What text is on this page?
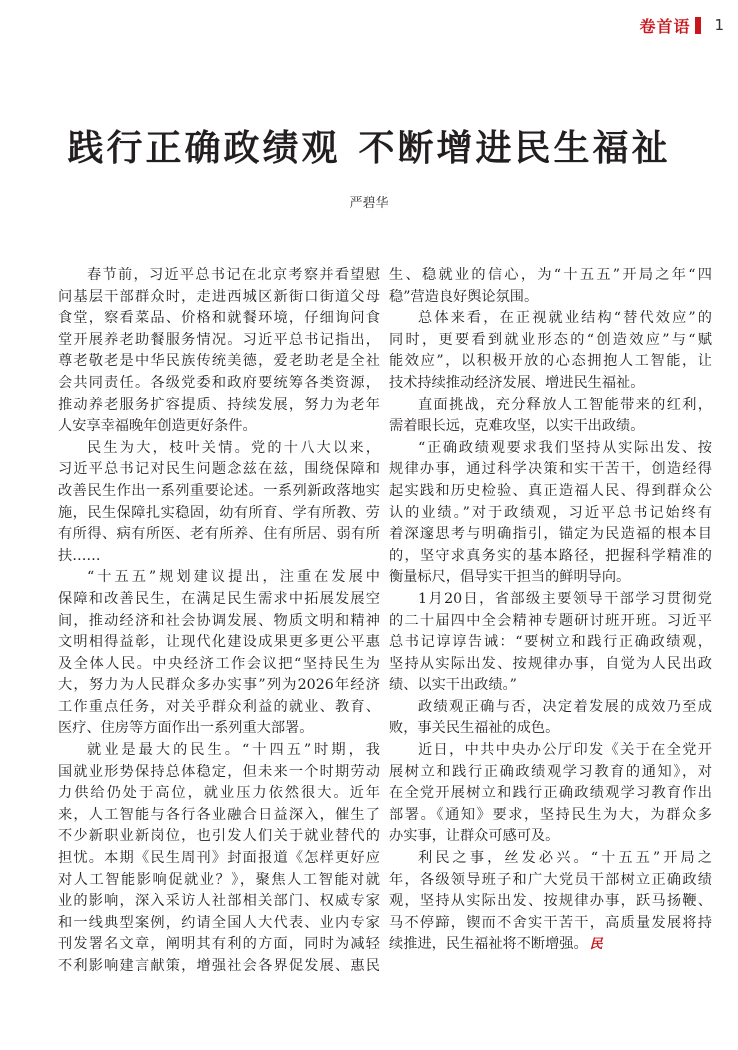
卷首语 1
践行正确政绩观 不断增进民生福祉
严碧华
春节前，习近平总书记在北京考察并看望慰
问基层干部群众时，走进西城区新街口街道父母
食堂，察看菜品、价格和就餐环境，仔细询问食
堂开展养老助餐服务情况。习近平总书记指出，
尊老敬老是中华民族传统美德，爱老助老是全社
会共同责任。各级党委和政府要统筹各类资源，
推动养老服务扩容提质、持续发展，努力为老年
人安享幸福晚年创造更好条件。
民生为大，枝叶关情。党的十八大以来，
习近平总书记对民生问题念兹在兹，围绕保障和
改善民生作出一系列重要论述。一系列新政落地实
施，民生保障扎实稳固，幼有所育、学有所教、劳
有所得、病有所医、老有所养、住有所居、弱有所
扶……
“十五五”规划建议提出，注重在发展中
保障和改善民生，在满足民生需求中拓展发展空
间，推动经济和社会协调发展、物质文明和精神
文明相得益彰，让现代化建设成果更多更公平惠
及全体人民。中央经济工作会议把“坚持民生为
大，努力为人民群众多办实事”列为2026年经济
工作重点任务，对关乎群众利益的就业、教育、
医疗、住房等方面作出一系列重大部署。
就业是最大的民生。“十四五”时期，我
国就业形势保持总体稳定，但未来一个时期劳动
力供给仍处于高位，就业压力依然很大。近年
来，人工智能与各行各业融合日益深入，催生了
不少新职业新岗位，也引发人们关于就业替代的
担忧。本期《民生周刊》封面报道《怎样更好应
对人工智能影响促就业？》，聚焦人工智能对就
业的影响，深入采访人社部相关部门、权威专家
和一线典型案例，约请全国人大代表、业内专家
刊发署名文章，阐明其有利的方面，同时为减轻
不利影响建言献策，增强社会各界促发展、惠民
生、稳就业的信心，为“十五五”开局之年“四
稳”营造良好舆论氛围。
总体来看，在正视就业结构“替代效应”的
同时，更要看到就业形态的“创造效应”与“赋
能效应”，以积极开放的心态拥抱人工智能，让
技术持续推动经济发展、增进民生福祉。
直面挑战，充分释放人工智能带来的红利，
需着眼长远，克难攻坚，以实干出政绩。
“正确政绩观要求我们坚持从实际出发、按
规律办事，通过科学决策和实干苦干，创造经得
起实践和历史检验、真正造福人民、得到群众公
认的业绩。”对于政绩观，习近平总书记始终有
着深邃思考与明确指引，锚定为民造福的根本目
的，坚守求真务实的基本路径，把握科学精准的
衡量标尺，倡导实干担当的鲜明导向。
1月20日，省部级主要领导干部学习贯彻党
的二十届四中全会精神专题研讨班开班。习近平
总书记谆谆告诫：“要树立和践行正确政绩观，
坚持从实际出发、按规律办事，自觉为人民出政
绩、以实干出政绩。”
政绩观正确与否，决定着发展的成效乃至成
败，事关民生福祉的成色。
近日，中共中央办公厅印发《关于在全党开
展树立和践行正确政绩观学习教育的通知》，对
在全党开展树立和践行正确政绩观学习教育作出
部署。《通知》要求，坚持民生为大，为群众多
办实事，让群众可感可及。
利民之事，丝发必兴。“十五五”开局之
年，各级领导班子和广大党员干部树立正确政绩
观，坚持从实际出发、按规律办事，跃马扬鞭、
马不停蹄，锲而不舍实干苦干，高质量发展将持
续推进，民生福祉将不断增强。 民
